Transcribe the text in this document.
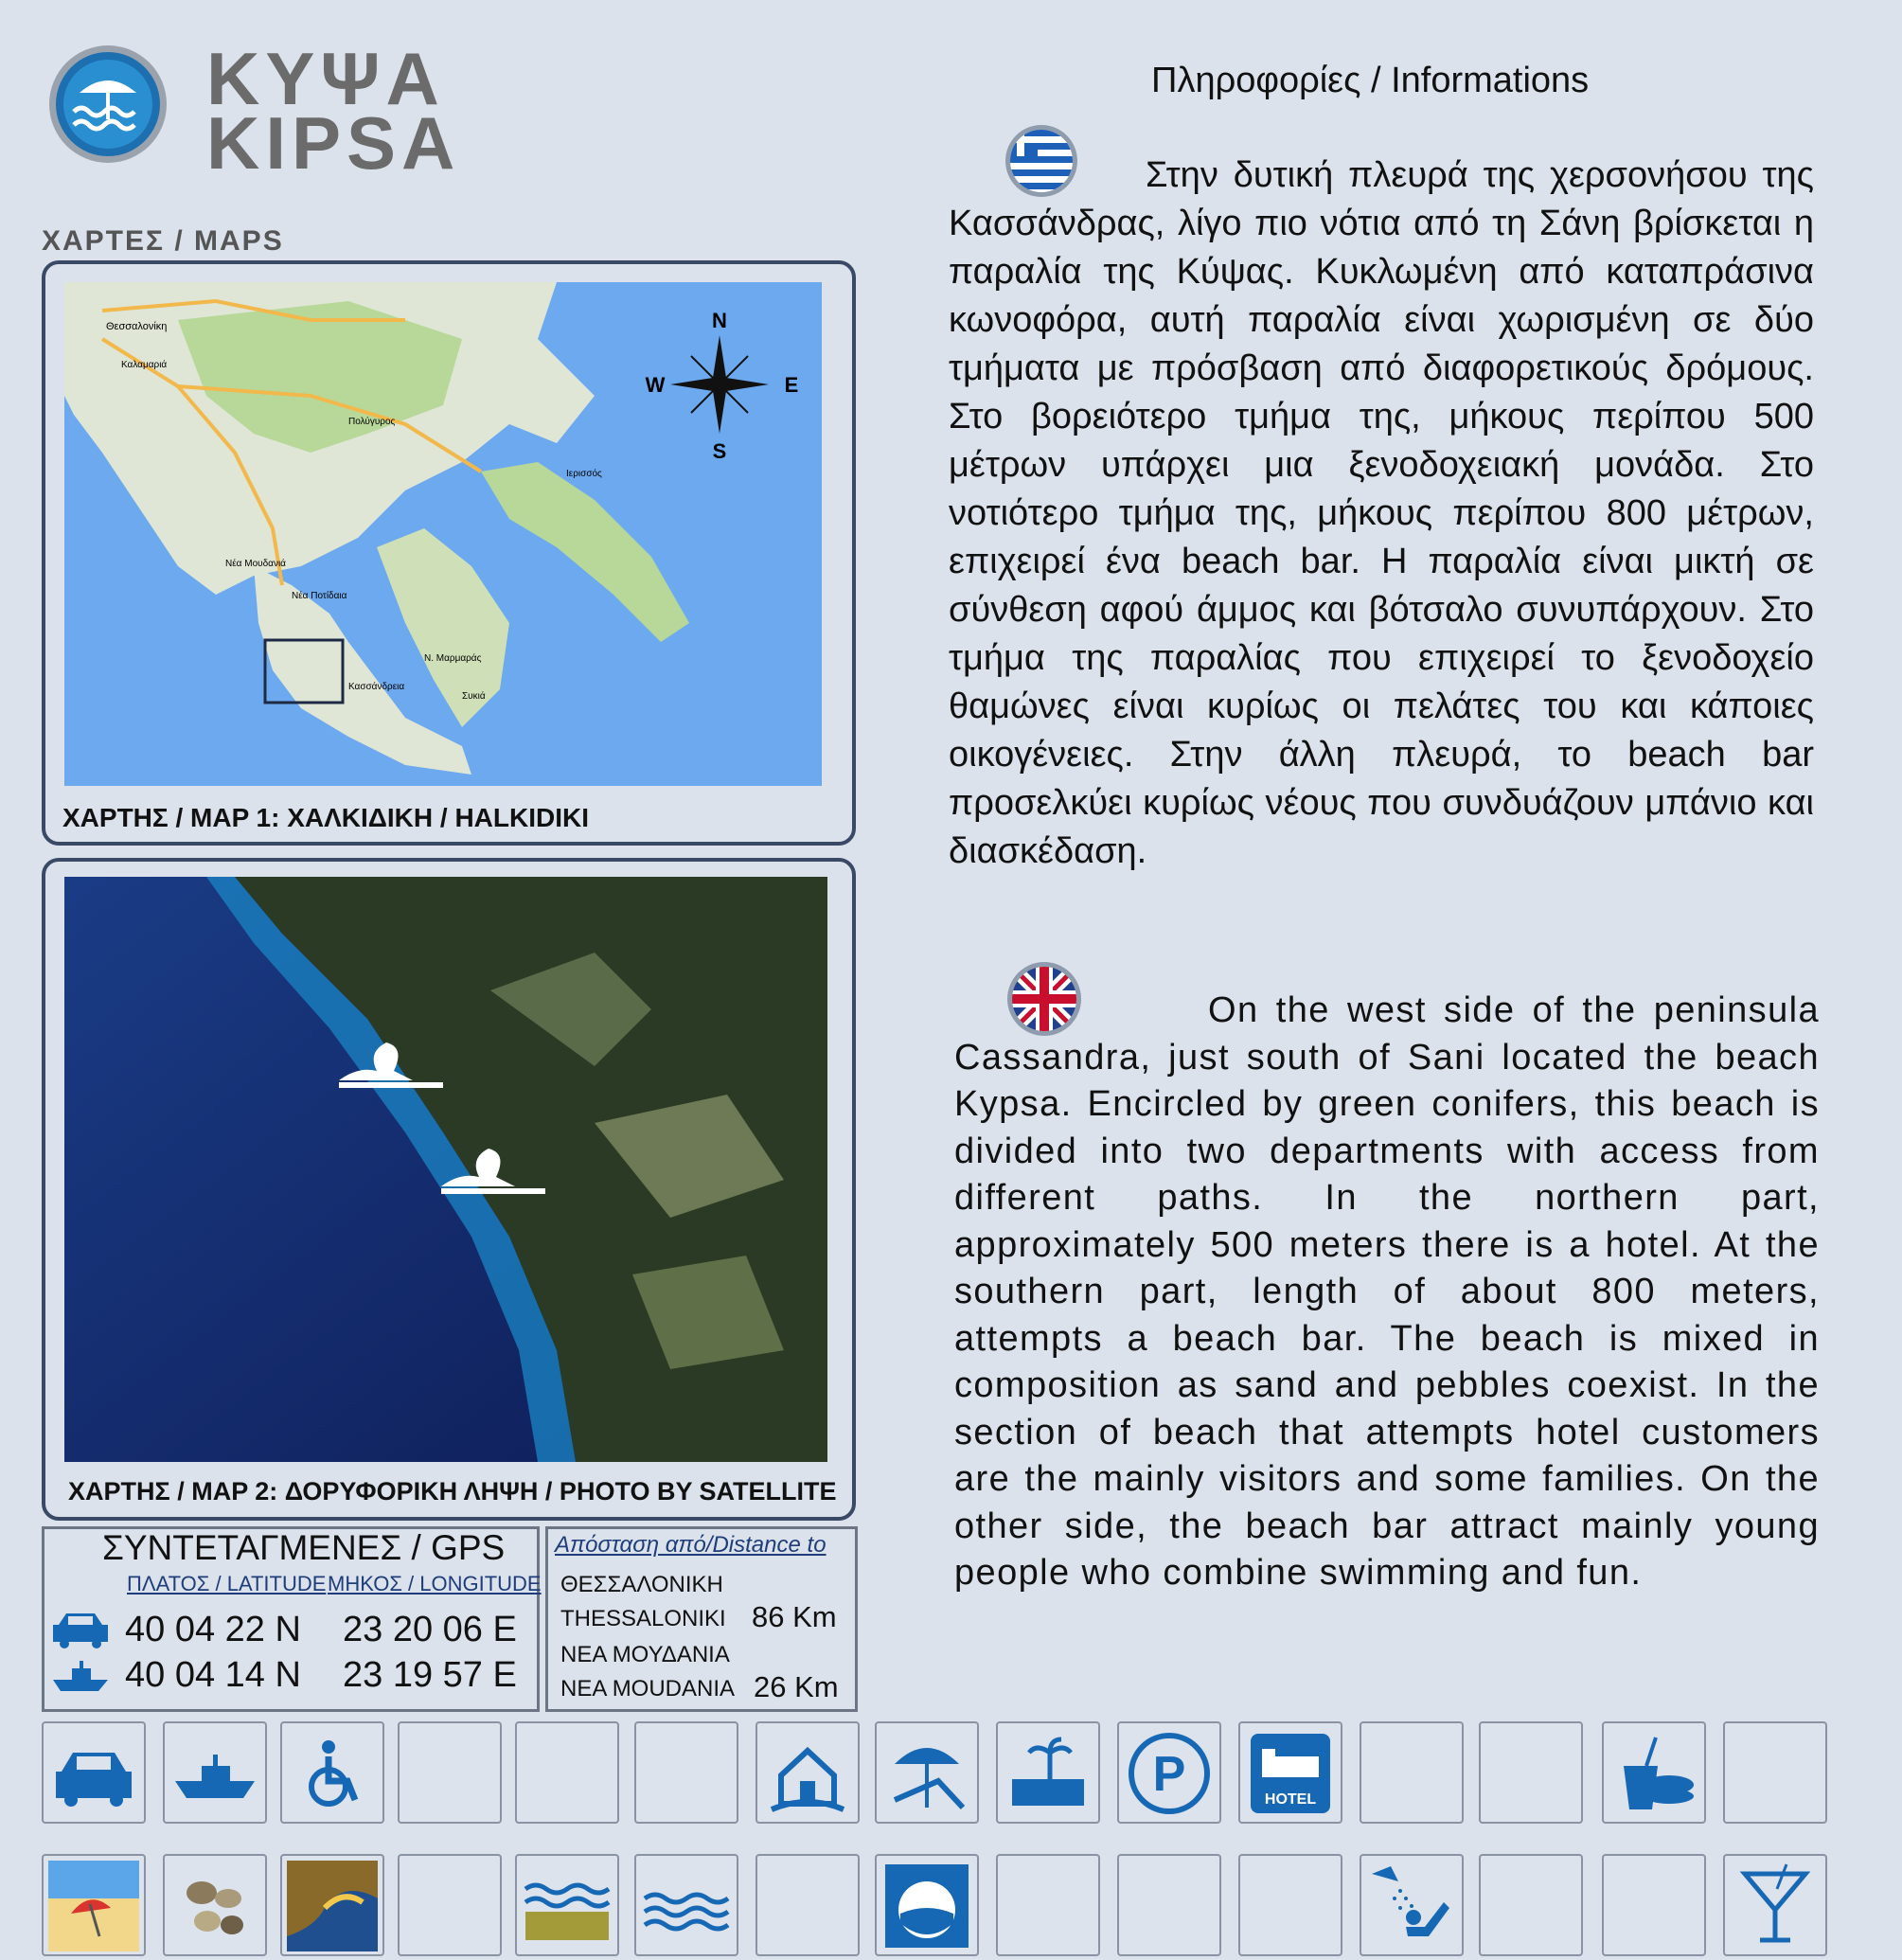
ΚΥΨΑ
KIPSA
ΧΑΡΤΕΣ / MAPS
N
S
E
W
Θεσσαλονίκη
Καλαμαριά
Νέα Μουδανιά
Νέα Ποτίδαια
Κασσάνδρεια
Πολύγυρος
Ιερισσός
Ν. Μαρμαράς
Συκιά
ΧΑΡΤΗΣ / MAP 1: ΧΑΛΚΙΔΙΚΗ / HALKIDIKI
ΧΑΡΤΗΣ / MAP 2: ΔΟΡΥΦΟΡΙΚΗ ΛΗΨΗ / PHOTO BY SATELLITE
ΣΥΝΤΕΤΑΓΜΕΝΕΣ / GPS
ΠΛΑΤΟΣ / LATITUDE ΜΗΚΟΣ / LONGITUDE
40 04 22 N 23 20 06 E
40 04 14 N 23 19 57 E
Απόσταση από/Distance to
ΘΕΣΣΑΛΟΝΙΚΗ
THESSALONIKI 86 Km
ΝΕΑ ΜΟΥΔΑΝΙΑ
NEA MOUDANIA 26 Km
Πληροφορίες / Informations
Στην δυτική πλευρά της χερσονήσου της Κασσάνδρας, λίγο πιο νότια από τη Σάνη βρίσκεται η παραλία της Κύψας. Κυκλωμένη από καταπράσινα κωνοφόρα, αυτή παραλία είναι χωρισμένη σε δύο τμήματα με πρόσβαση από διαφορετικούς δρόμους. Στο βορειότερο τμήμα της, μήκους περίπου 500 μέτρων υπάρχει μια ξενοδοχειακή μονάδα. Στο νοτιότερο τμήμα της, μήκους περίπου 800 μέτρων, επιχειρεί ένα beach bar. Η παραλία είναι μικτή σε σύνθεση αφού άμμος και βότσαλο συνυπάρχουν. Στο τμήμα της παραλίας που επιχειρεί το ξενοδοχείο θαμώνες είναι κυρίως οι πελάτες του και κάποιες οικογένειες. Στην άλλη πλευρά, το beach bar προσελκύει κυρίως νέους που συνδυάζουν μπάνιο και διασκέδαση.
On the west side of the peninsula Cassandra, just south of Sani located the beach Kypsa. Encircled by green conifers, this beach is divided into two departments with access from different paths. In the northern part, approximately 500 meters there is a hotel. At the southern part, length of about 800 meters, attempts a beach bar. The beach is mixed in composition as sand and pebbles coexist. In the section of beach that attempts hotel customers are the mainly visitors and some families. On the other side, the beach bar attract mainly young people who combine swimming and fun.
P	HOTEL
